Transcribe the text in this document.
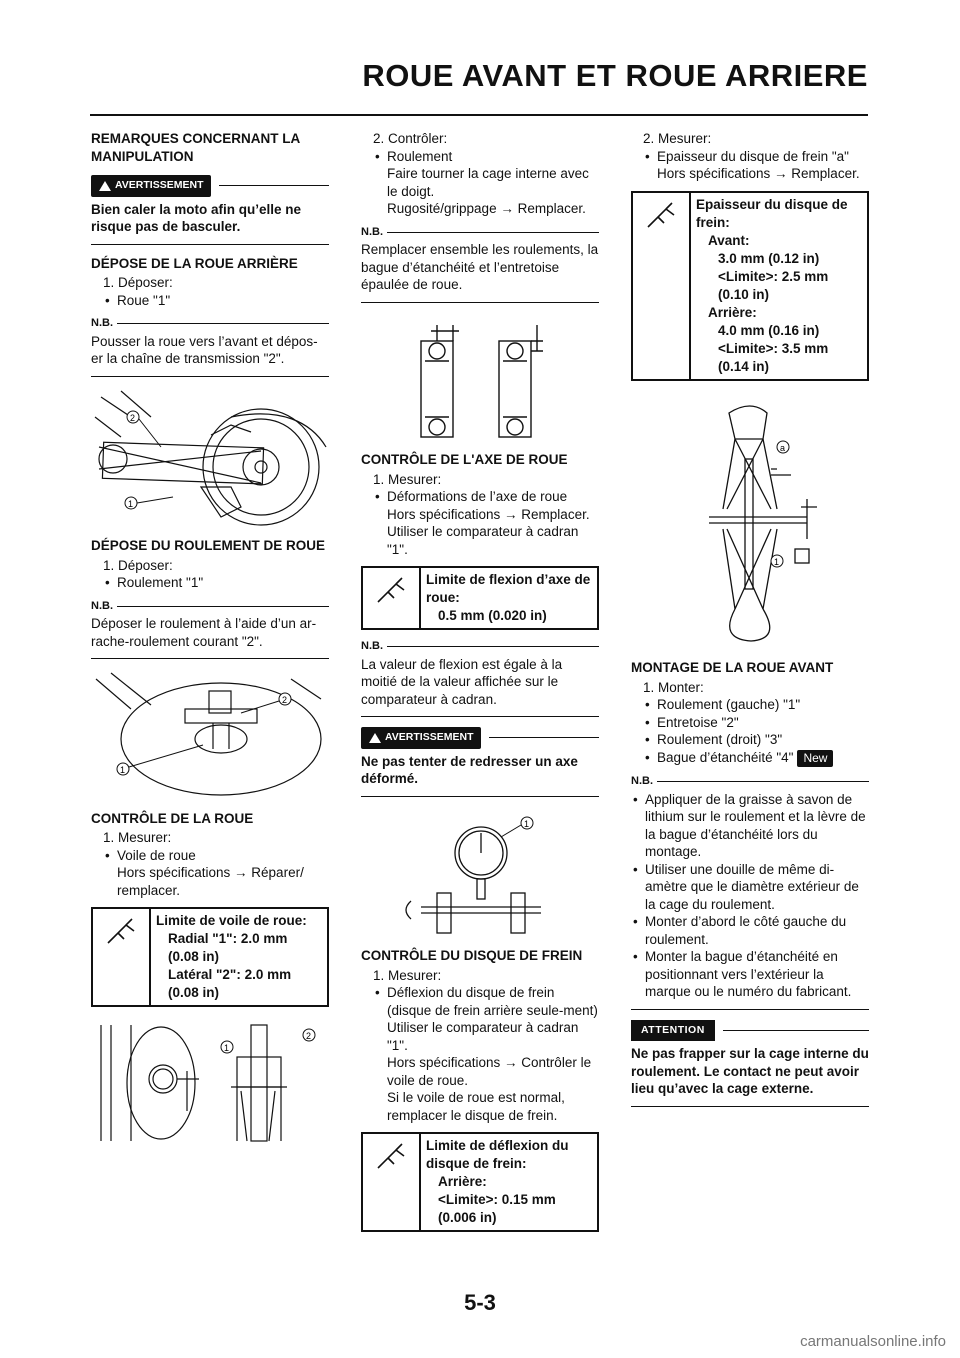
ROUE AVANT ET ROUE ARRIERE
REMARQUES CONCERNANT LA MANIPULATION
AVERTISSEMENT
Bien caler la moto afin qu’elle ne risque pas de basculer.
DÉPOSE DE LA ROUE ARRIÈRE
1. Déposer:
• Roue "1"
N.B.
Pousser la roue vers l’avant et dépos-er la chaîne de transmission "2".
2
1
DÉPOSE DU ROULEMENT DE ROUE
1. Déposer:
• Roulement "1"
N.B.
Déposer le roulement à l’aide d’un ar-rache-roulement courant "2".
2
1
CONTRÔLE DE LA ROUE
1. Mesurer:
• Voile de roue
Hors spécifications → Réparer/ remplacer.
Limite de voile de roue:
Radial "1": 2.0 mm
(0.08 in)
Latéral "2": 2.0 mm
(0.08 in)
1
2
2. Contrôler:
• Roulement
Faire tourner la cage interne avec le doigt.
Rugosité/grippage → Remplacer.
N.B.
Remplacer ensemble les roulements, la bague d’étanchéité et l’entretoise épaulée de roue.
CONTRÔLE DE L'AXE DE ROUE
1. Mesurer:
• Déformations de l’axe de roue
Hors spécifications → Remplacer.
Utiliser le comparateur à cadran "1".
Limite de flexion d’axe de roue:
0.5 mm (0.020 in)
N.B.
La valeur de flexion est égale à la moitié de la valeur affichée sur le comparateur à cadran.
AVERTISSEMENT
Ne pas tenter de redresser un axe déformé.
1
CONTRÔLE DU DISQUE DE FREIN
1. Mesurer:
• Déflexion du disque de frein (disque de frein arrière seule-ment)
Utiliser le comparateur à cadran "1".
Hors spécifications → Contrôler le voile de roue.
Si le voile de roue est normal, remplacer le disque de frein.
Limite de déflexion du disque de frein:
Arrière:
<Limite>: 0.15 mm
(0.006 in)
2. Mesurer:
• Epaisseur du disque de frein "a"
Hors spécifications → Remplacer.
Epaisseur du disque de frein:
Avant:
3.0 mm (0.12 in)
<Limite>: 2.5 mm
(0.10 in)
Arrière:
4.0 mm (0.16 in)
<Limite>: 3.5 mm
(0.14 in)
a
1
MONTAGE DE LA ROUE AVANT
1. Monter:
• Roulement (gauche) "1"
• Entretoise "2"
• Roulement (droit) "3"
• Bague d’étanchéité "4" New
N.B.
• Appliquer de la graisse à savon de lithium sur le roulement et la lèvre de la bague d’étanchéité lors du montage.
• Utiliser une douille de même di-amètre que le diamètre extérieur de la cage du roulement.
• Monter d’abord le côté gauche du roulement.
• Monter la bague d’étanchéité en positionnant vers l’extérieur la marque ou le numéro du fabricant.
ATTENTION
Ne pas frapper sur la cage interne du roulement. Le contact ne peut avoir lieu qu’avec la cage externe.
5-3
carmanualsonline.info
